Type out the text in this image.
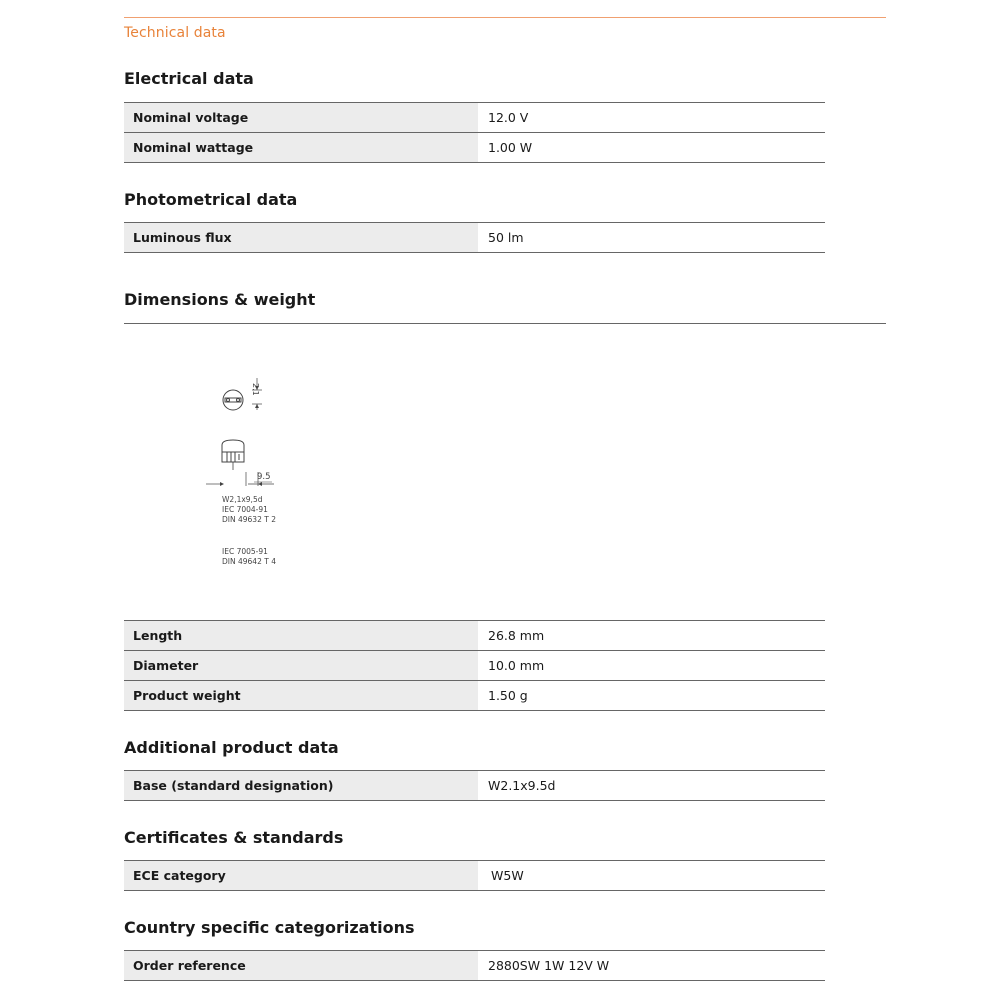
Technical data
Electrical data
Nominal voltage	12.0 V
Nominal wattage	1.00 W
Photometrical data
Luminous flux	50 lm
Dimensions & weight
2.1
9.5
W2,1x9,5d
IEC 7004-91
DIN 49632 T 2
IEC 7005-91
DIN 49642 T 4
Length	26.8 mm
Diameter	10.0 mm
Product weight	1.50 g
Additional product data
Base (standard designation)	W2.1x9.5d
Certificates & standards
ECE category	W5W
Country specific categorizations
Order reference	2880SW 1W 12V W
